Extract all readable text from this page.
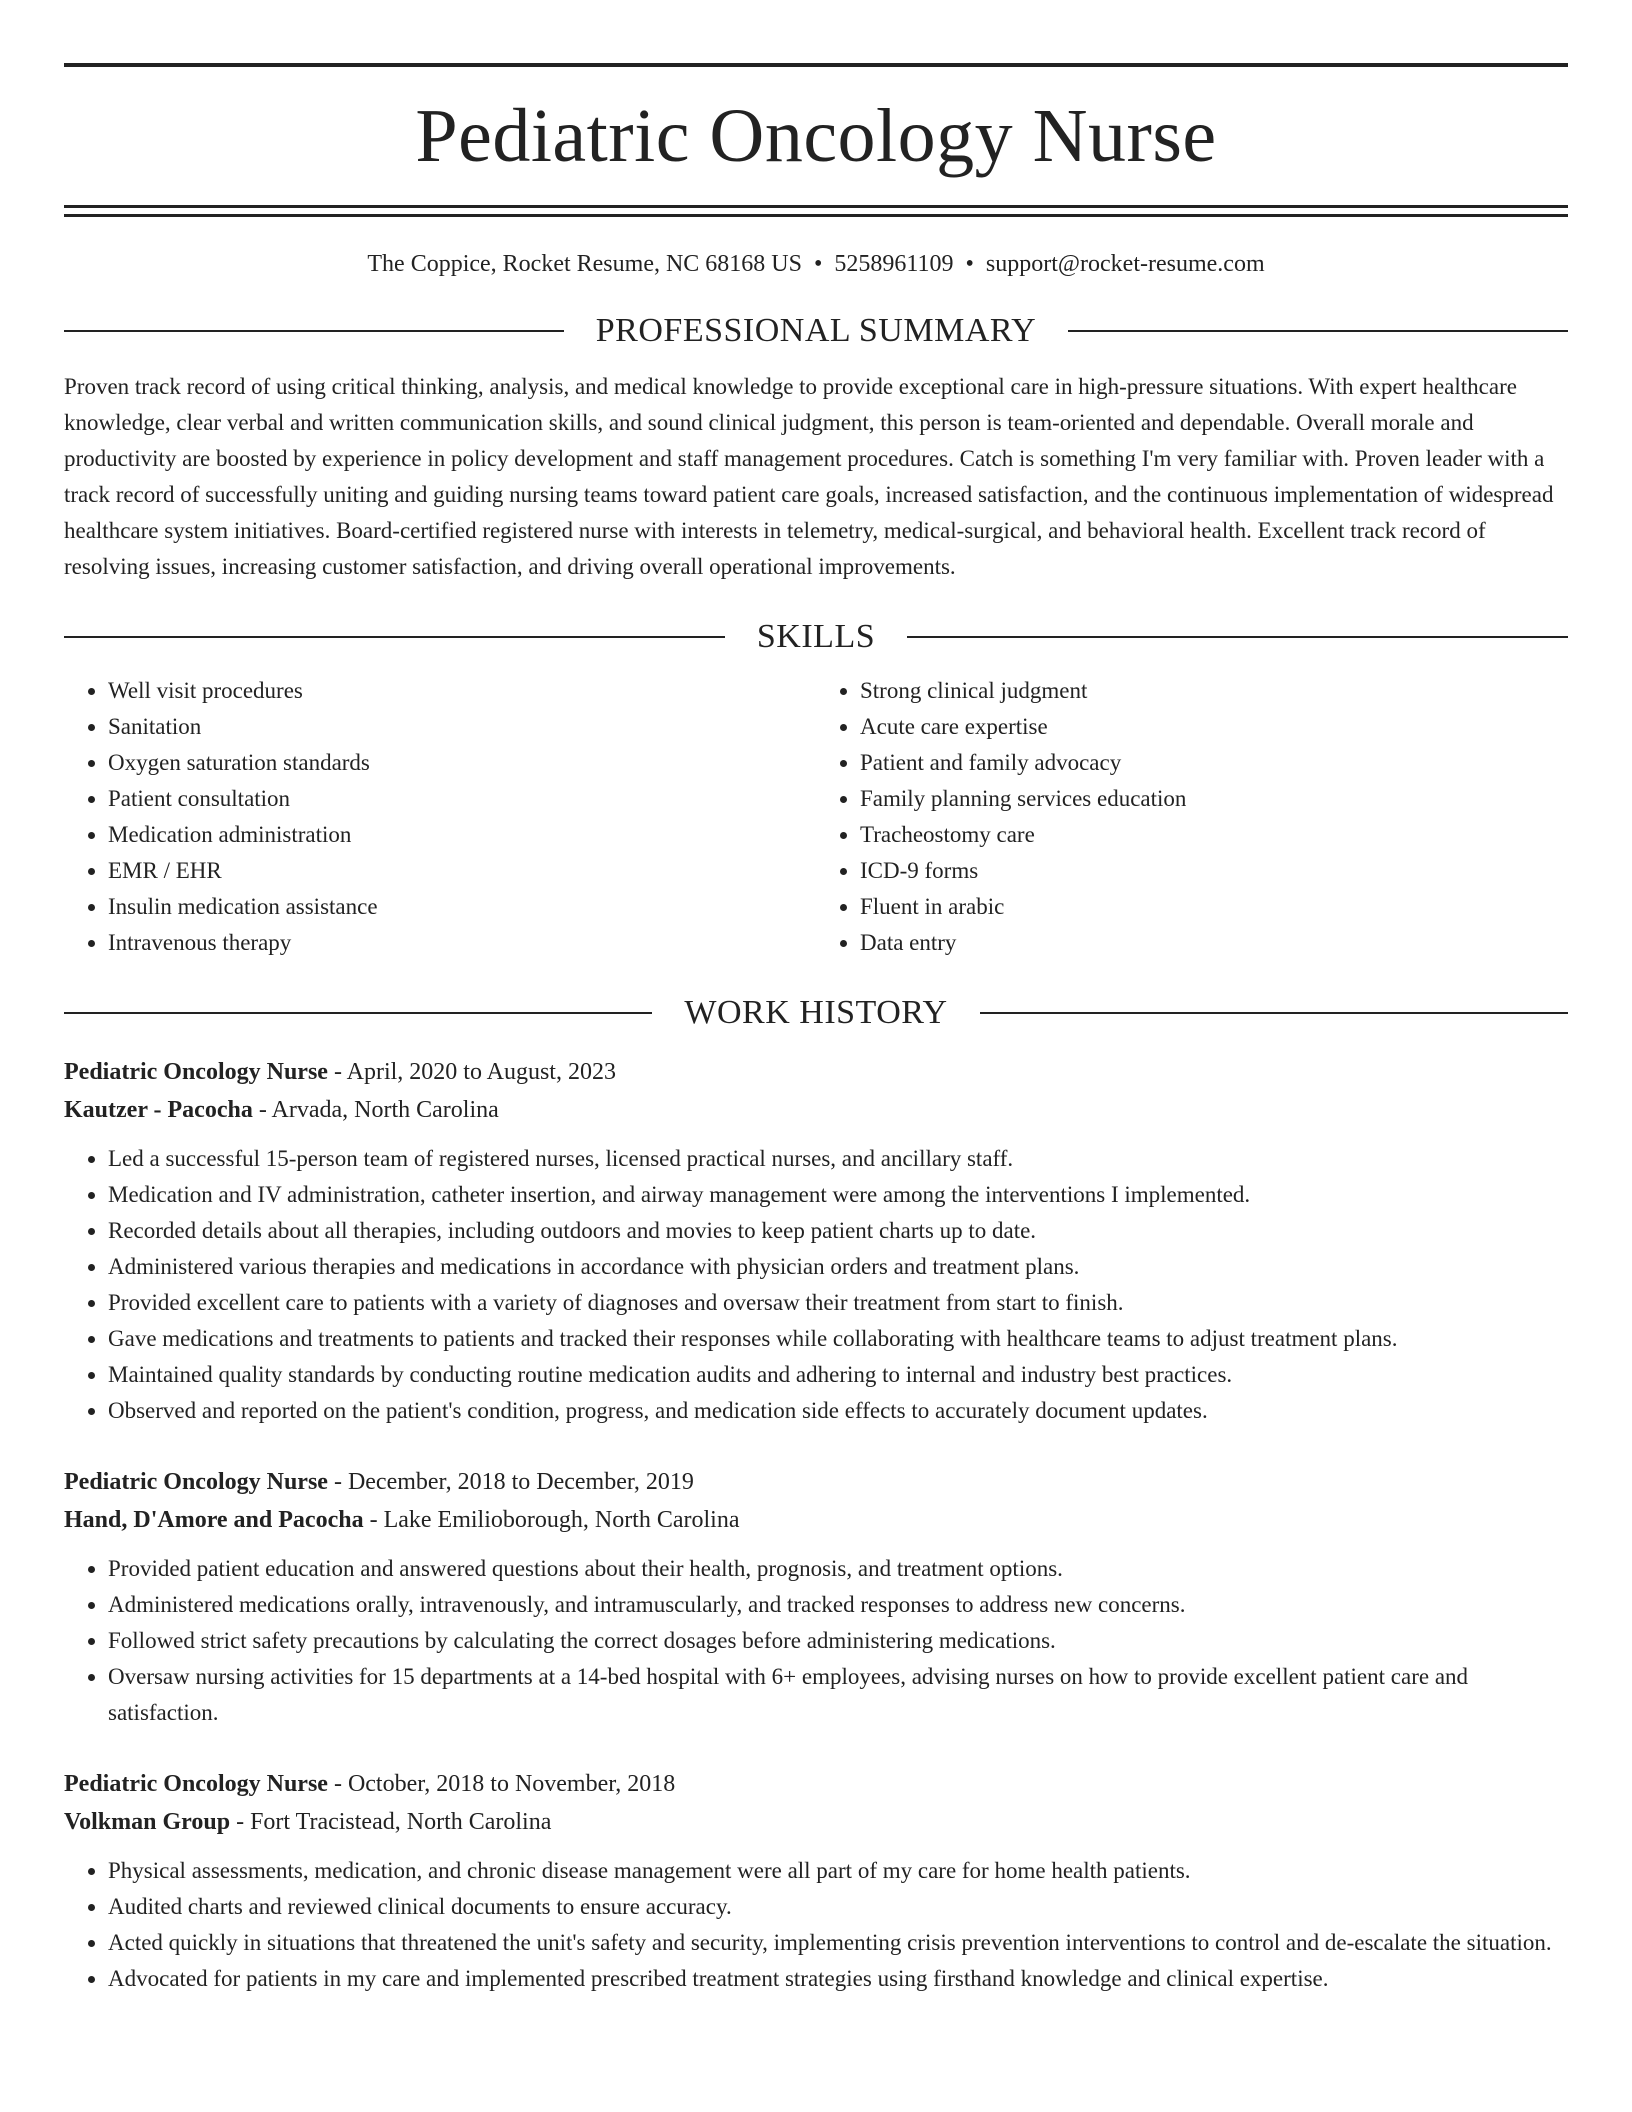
Pediatric Oncology Nurse
The Coppice, Rocket Resume, NC 68168 US • 5258961109 • support@rocket-resume.com
PROFESSIONAL SUMMARY
Proven track record of using critical thinking, analysis, and medical knowledge to provide exceptional care in high-pressure situations. With expert healthcare knowledge, clear verbal and written communication skills, and sound clinical judgment, this person is team-oriented and dependable. Overall morale and productivity are boosted by experience in policy development and staff management procedures. Catch is something I'm very familiar with. Proven leader with a track record of successfully uniting and guiding nursing teams toward patient care goals, increased satisfaction, and the continuous implementation of widespread healthcare system initiatives. Board-certified registered nurse with interests in telemetry, medical-surgical, and behavioral health. Excellent track record of resolving issues, increasing customer satisfaction, and driving overall operational improvements.
SKILLS
• Well visit procedures
• Sanitation
• Oxygen saturation standards
• Patient consultation
• Medication administration
• EMR / EHR
• Insulin medication assistance
• Intravenous therapy
• Strong clinical judgment
• Acute care expertise
• Patient and family advocacy
• Family planning services education
• Tracheostomy care
• ICD-9 forms
• Fluent in arabic
• Data entry
WORK HISTORY
Pediatric Oncology Nurse - April, 2020 to August, 2023
Kautzer - Pacocha - Arvada, North Carolina
• Led a successful 15-person team of registered nurses, licensed practical nurses, and ancillary staff.
• Medication and IV administration, catheter insertion, and airway management were among the interventions I implemented.
• Recorded details about all therapies, including outdoors and movies to keep patient charts up to date.
• Administered various therapies and medications in accordance with physician orders and treatment plans.
• Provided excellent care to patients with a variety of diagnoses and oversaw their treatment from start to finish.
• Gave medications and treatments to patients and tracked their responses while collaborating with healthcare teams to adjust treatment plans.
• Maintained quality standards by conducting routine medication audits and adhering to internal and industry best practices.
• Observed and reported on the patient's condition, progress, and medication side effects to accurately document updates.
Pediatric Oncology Nurse - December, 2018 to December, 2019
Hand, D'Amore and Pacocha - Lake Emilioborough, North Carolina
• Provided patient education and answered questions about their health, prognosis, and treatment options.
• Administered medications orally, intravenously, and intramuscularly, and tracked responses to address new concerns.
• Followed strict safety precautions by calculating the correct dosages before administering medications.
• Oversaw nursing activities for 15 departments at a 14-bed hospital with 6+ employees, advising nurses on how to provide excellent patient care and satisfaction.
Pediatric Oncology Nurse - October, 2018 to November, 2018
Volkman Group - Fort Tracistead, North Carolina
• Physical assessments, medication, and chronic disease management were all part of my care for home health patients.
• Audited charts and reviewed clinical documents to ensure accuracy.
• Acted quickly in situations that threatened the unit's safety and security, implementing crisis prevention interventions to control and de-escalate the situation.
• Advocated for patients in my care and implemented prescribed treatment strategies using firsthand knowledge and clinical expertise.
